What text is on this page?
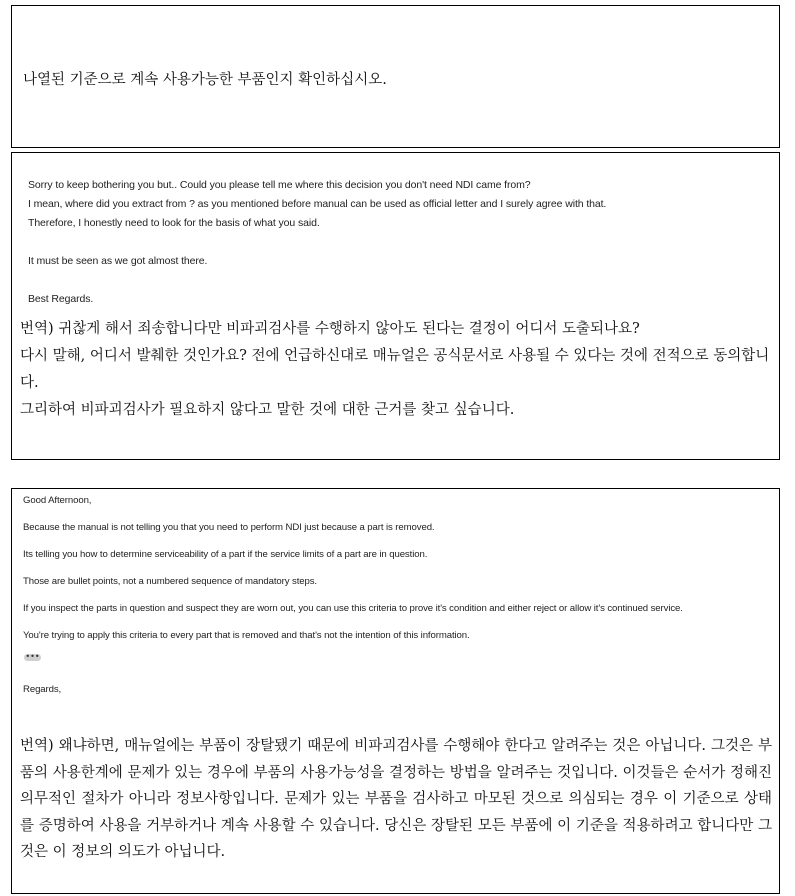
나열된 기준으로 계속 사용가능한 부품인지 확인하십시오.
Sorry to keep bothering you but.. Could you please tell me where this decision you don't need NDI came from?
I mean, where did you extract from ? as you mentioned before manual can be used as official letter and I surely agree with that.
Therefore, I honestly need to look for the basis of what you said.
It must be seen as we got almost there.
Best Regards.

번역) 귀찮게 해서 죄송합니다만 비파괴검사를 수행하지 않아도 된다는 결정이 어디서 도출되나요?

다시 말해, 어디서 발췌한 것인가요? 전에 언급하신대로 매뉴얼은 공식문서로 사용될 수 있다는 것에 전적으로 동의합니다.

그리하여 비파괴검사가 필요하지 않다고 말한 것에 대한 근거를 찾고 싶습니다.

Good Afternoon,
Because the manual is not telling you that you need to perform NDI just because a part is removed.
Its telling you how to determine serviceability of a part if the service limits of a part are in question.
Those are bullet points, not a numbered sequence of mandatory steps.
If you inspect the parts in question and suspect they are worn out, you can use this criteria to prove it's condition and either reject or allow it's continued service.
You're trying to apply this criteria to every part that is removed and that's not the intention of this information.
•••
Regards,
번역) 왜냐하면, 매뉴얼에는 부품이 장탈됐기 때문에 비파괴검사를 수행해야 한다고 알려주는 것은 아닙니다. 그것은 부품의 사용한계에 문제가 있는 경우에 부품의 사용가능성을 결정하는 방법을 알려주는 것입니다. 이것들은 순서가 정해진 의무적인 절차가 아니라 정보사항입니다. 문제가 있는 부품을 검사하고 마모된 것으로 의심되는 경우 이 기준으로 상태를 증명하여 사용을 거부하거나 계속 사용할 수 있습니다. 당신은 장탈된 모든 부품에 이 기준을 적용하려고 합니다만 그것은 이 정보의 의도가 아닙니다.
